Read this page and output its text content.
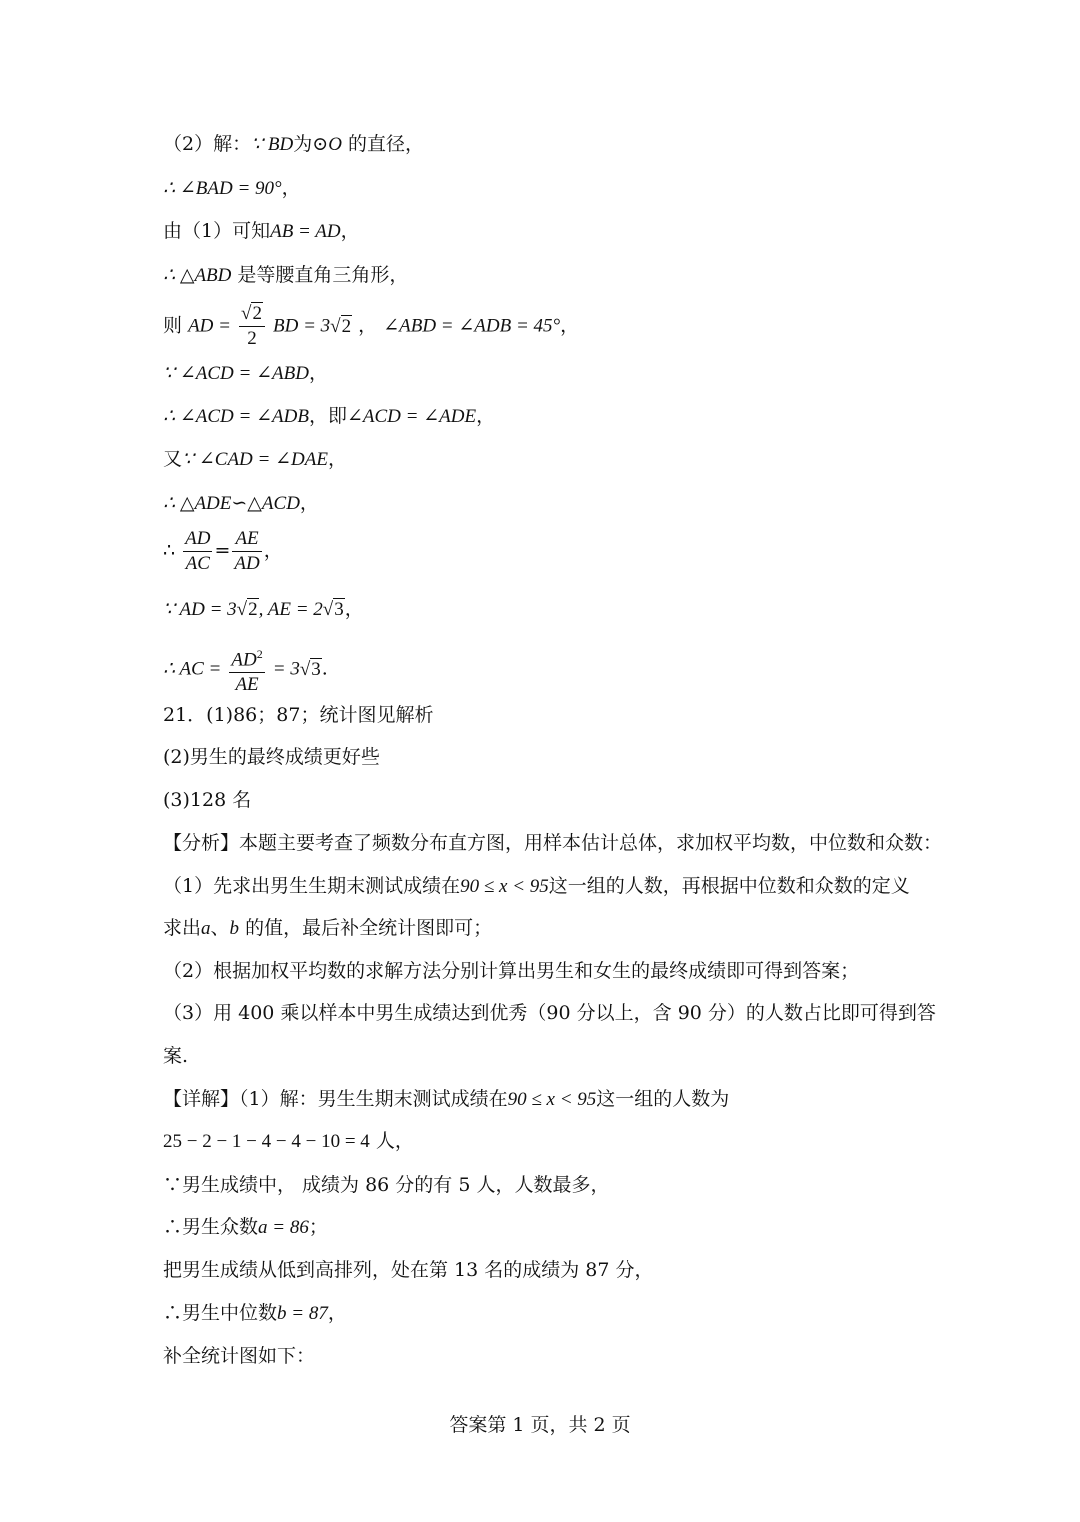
（2）解：∵ BD为⊙O 的直径，
∴ ∠BAD = 90°，
由（1）可知AB = AD，
∴ △ABD 是等腰直角三角形，
则 AD = $\frac{√2}{2}$ BD = 3√2 ， ∠ABD = ∠ADB = 45°，
∵ ∠ACD = ∠ABD，
∴ ∠ACD = ∠ADB，即∠ACD = ∠ADE，
又∵ ∠CAD = ∠DAE，
∴ △ADE∽△ACD，
∴ $\frac{AD}{AC} = \frac{AE}{AD}$ ，
∵ AD = 3√2, AE = 2√3，
∴ AC = $\frac{AD^2}{AE} = 3√3$.
21．(1)86；87；统计图见解析
(2)男生的最终成绩更好些
(3)128 名
【分析】本题主要考查了频数分布直方图，用样本估计总体，求加权平均数，中位数和众数：
（1）先求出男生生期末测试成绩在90 ≤ x < 95这一组的人数，再根据中位数和众数的定义
求出a、b 的值，最后补全统计图即可；
（2）根据加权平均数的求解方法分别计算出男生和女生的最终成绩即可得到答案；
（3）用 400 乘以样本中男生成绩达到优秀（90 分以上，含 90 分）的人数占比即可得到答
案.
【详解】（1）解：男生生期末测试成绩在90 ≤ x < 95这一组的人数为
25 − 2 − 1 − 4 − 4 − 10 = 4 人，
∵男生成绩中， 成绩为 86 分的有 5 人，人数最多，
∴男生众数a = 86；
把男生成绩从低到高排列，处在第 13 名的成绩为 87 分，
∴男生中位数b = 87，
补全统计图如下：
答案第 1 页，共 2 页
